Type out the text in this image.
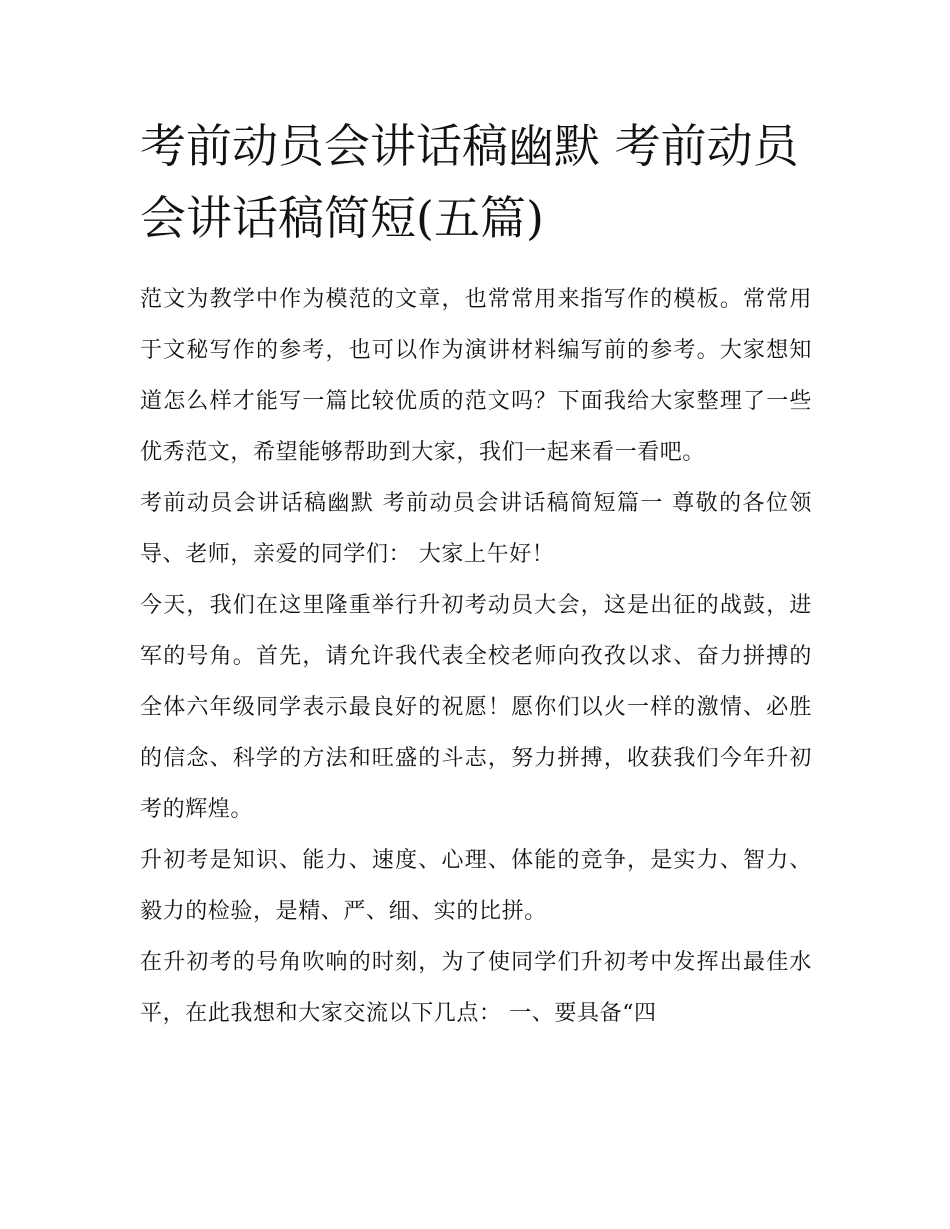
考前动员会讲话稿幽默 考前动员会讲话稿简短(五篇)

范文为教学中作为模范的文章，也常常用来指写作的模板。常常用于文秘写作的参考，也可以作为演讲材料编写前的参考。大家想知道怎么样才能写一篇比较优质的范文吗？下面我给大家整理了一些优秀范文，希望能够帮助到大家，我们一起来看一看吧。

考前动员会讲话稿幽默 考前动员会讲话稿简短篇一 尊敬的各位领导、老师，亲爱的同学们： 大家上午好！

今天，我们在这里隆重举行升初考动员大会，这是出征的战鼓，进军的号角。首先，请允许我代表全校老师向孜孜以求、奋力拼搏的全体六年级同学表示最良好的祝愿！愿你们以火一样的激情、必胜的信念、科学的方法和旺盛的斗志，努力拼搏，收获我们今年升初考的辉煌。

升初考是知识、能力、速度、心理、体能的竞争，是实力、智力、毅力的检验，是精、严、细、实的比拼。

在升初考的号角吹响的时刻，为了使同学们升初考中发挥出最佳水平，在此我想和大家交流以下几点： 一、要具备“四
